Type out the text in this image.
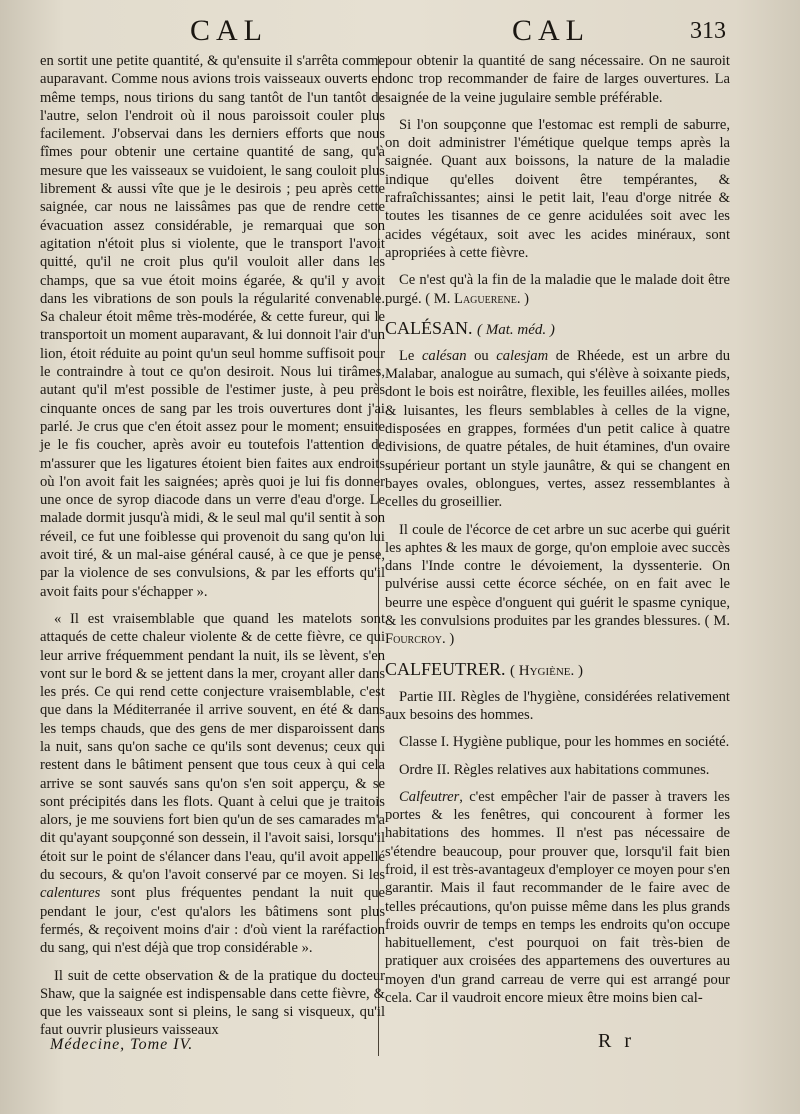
CAL	CAL	313

en sortit une petite quantité, & qu'ensuite il s'arrêta comme auparavant. Comme nous avions trois vaisseaux ouverts en même temps, nous tirions du sang tantôt de l'un tantôt de l'autre, selon l'endroit où il nous paroissoit couler plus facilement. J'observai dans les derniers efforts que nous fîmes pour obtenir une certaine quantité de sang, qu'à mesure que les vaisseaux se vuidoient, le sang couloit plus librement & aussi vîte que je le desirois ; peu après cette saignée, car nous ne laissâmes pas que de rendre cette évacuation assez considérable, je remarquai que son agitation n'étoit plus si violente, que le transport l'avoit quitté, qu'il ne croit plus qu'il vouloit aller dans les champs, que sa vue étoit moins égarée, & qu'il y avoit dans les vibrations de son pouls la régularité convenable. Sa chaleur étoit même très-modérée, & cette fureur, qui le transportoit un moment auparavant, & lui donnoit l'air d'un lion, étoit réduite au point qu'un seul homme suffisoit pour le contraindre à tout ce qu'on desiroit. Nous lui tirâmes, autant qu'il m'est possible de l'estimer juste, à peu près cinquante onces de sang par les trois ouvertures dont j'ai parlé. Je crus que c'en étoit assez pour le moment; ensuite je le fis coucher, après avoir eu toutefois l'attention de m'assurer que les ligatures étoient bien faites aux endroits où l'on avoit fait les saignées; après quoi je lui fis donner une once de syrop diacode dans un verre d'eau d'orge. Le malade dormit jusqu'à midi, & le seul mal qu'il sentit à son réveil, ce fut une foiblesse qui provenoit du sang qu'on lui avoit tiré, & un mal-aise général causé, à ce que je pense, par la violence de ses convulsions, & par les efforts qu'il avoit faits pour s'échapper ».

« Il est vraisemblable que quand les matelots sont attaqués de cette chaleur violente & de cette fièvre, ce qui leur arrive fréquemment pendant la nuit, ils se lèvent, s'en vont sur le bord & se jettent dans la mer, croyant aller dans les prés. Ce qui rend cette conjecture vraisemblable, c'est que dans la Méditerranée il arrive souvent, en été & dans les temps chauds, que des gens de mer disparoissent dans la nuit, sans qu'on sache ce qu'ils sont devenus; ceux qui restent dans le bâtiment pensent que tous ceux à qui cela arrive se sont sauvés sans qu'on s'en soit apperçu, & se sont précipités dans les flots. Quant à celui que je traitois alors, je me souviens fort bien qu'un de ses camarades m'a dit qu'ayant soupçonné son dessein, il l'avoit saisi, lorsqu'il étoit sur le point de s'élancer dans l'eau, qu'il avoit appellé du secours, & qu'on l'avoit conservé par ce moyen. Si les calentures sont plus fréquentes pendant la nuit que pendant le jour, c'est qu'alors les bâtimens sont plus fermés, & reçoivent moins d'air : d'où vient la raréfaction du sang, qui n'est déjà que trop considérable ».

Il suit de cette observation & de la pratique du docteur Shaw, que la saignée est indispensable dans cette fièvre, & que les vaisseaux sont si pleins, le sang si visqueux, qu'il faut ouvrir plusieurs vaisseaux

pour obtenir la quantité de sang nécessaire. On ne sauroit donc trop recommander de faire de larges ouvertures. La saignée de la veine jugulaire semble préférable.

Si l'on soupçonne que l'estomac est rempli de saburre, on doit administrer l'émétique quelque temps après la saignée. Quant aux boissons, la nature de la maladie indique qu'elles doivent être tempérantes, & rafraîchissantes; ainsi le petit lait, l'eau d'orge nitrée & toutes les tisannes de ce genre acidulées soit avec les acides végétaux, soit avec les acides minéraux, sont apropriées à cette fièvre.

Ce n'est qu'à la fin de la maladie que le malade doit être purgé. ( M. Laguerene. )

CALÉSAN. ( Mat. méd. )

Le calésan ou calesjam de Rhéede, est un arbre du Malabar, analogue au sumach, qui s'élève à soixante pieds, dont le bois est noirâtre, flexible, les feuilles ailées, molles & luisantes, les fleurs semblables à celles de la vigne, disposées en grappes, formées d'un petit calice à quatre divisions, de quatre pétales, de huit étamines, d'un ovaire supérieur portant un style jaunâtre, & qui se changent en bayes ovales, oblongues, vertes, assez ressemblantes à celles du groseillier.

Il coule de l'écorce de cet arbre un suc acerbe qui guérit les aphtes & les maux de gorge, qu'on emploie avec succès dans l'Inde contre le dévoiement, la dyssenterie. On pulvérise aussi cette écorce séchée, on en fait avec le beurre une espèce d'onguent qui guérit le spasme cynique, & les convulsions produites par les grandes blessures. ( M. Fourcroy. )

CALFEUTRER. ( Hygiène. )

Partie III. Règles de l'hygiène, considérées relativement aux besoins des hommes.

Classe I. Hygiène publique, pour les hommes en société.

Ordre II. Règles relatives aux habitations communes.

Calfeutrer, c'est empêcher l'air de passer à travers les portes & les fenêtres, qui concourent à former les habitations des hommes. Il n'est pas nécessaire de s'étendre beaucoup, pour prouver que, lorsqu'il fait bien froid, il est très-avantageux d'employer ce moyen pour s'en garantir. Mais il faut recommander de le faire avec de telles précautions, qu'on puisse même dans les plus grands froids ouvrir de temps en temps les endroits qu'on occupe habituellement, c'est pourquoi on fait très-bien de pratiquer aux croisées des appartemens des ouvertures au moyen d'un grand carreau de verre qui est arrangé pour cela. Car il vaudroit encore mieux être moins bien cal-

Médecine, Tome IV.	R r
